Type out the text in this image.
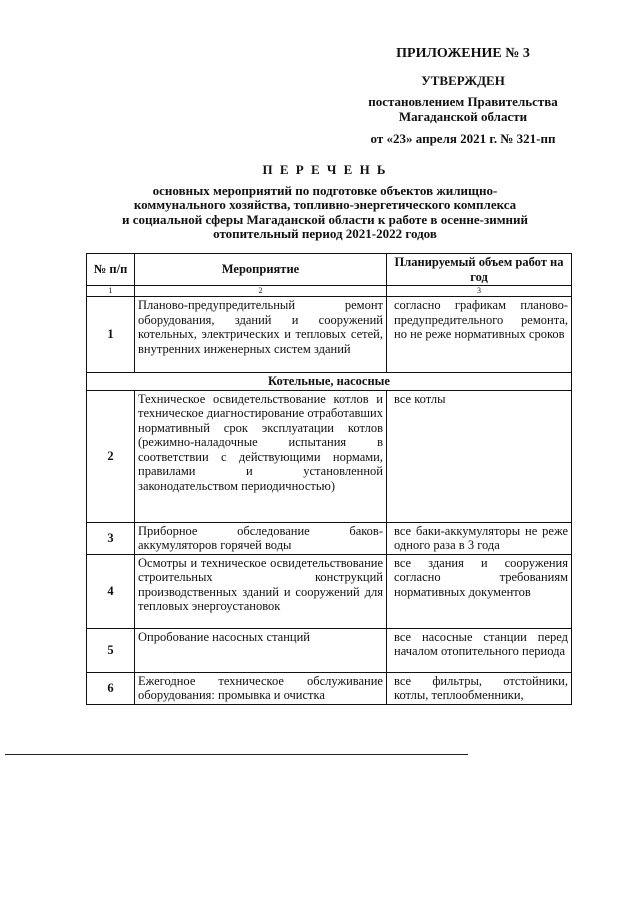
ПРИЛОЖЕНИЕ № 3
УТВЕРЖДЕН
постановлением Правительства
Магаданской области
от «23» апреля 2021 г. № 321-пп
П Е Р Е Ч Е Н Ь
основных мероприятий по подготовке объектов жилищно-
коммунального хозяйства, топливно-энергетического комплекса
и социальной сферы Магаданской области к работе в осенне-зимний
отопительный период 2021-2022 годов
№ п/п	Мероприятие	Планируемый объем работ на год
1	2	3
1	Планово-предупредительный ремонт оборудования, зданий и сооружений котельных, электрических и тепловых сетей, внутренних инженерных систем зданий	согласно графикам планово-предупредительного ремонта, но не реже нормативных сроков
Котельные, насосные		
2	Техническое освидетельствование котлов и техническое диагностирование отработавших нормативный срок эксплуатации котлов (режимно-наладочные испытания в соответствии с действующими нормами, правилами и установленной законодательством периодичностью)	все котлы
3	Приборное обследование баков-аккумуляторов горячей воды	все баки-аккумуляторы не реже одного раза в 3 года
4	Осмотры и техническое освидетельствование строительных конструкций производственных зданий и сооружений для тепловых энергоустановок	все здания и сооружения согласно требованиям нормативных документов
5	Опробование насосных станций	все насосные станции перед началом отопительного периода
6	Ежегодное техническое обслуживание оборудования: промывка и очистка	все фильтры, отстойники, котлы, теплообменники,
